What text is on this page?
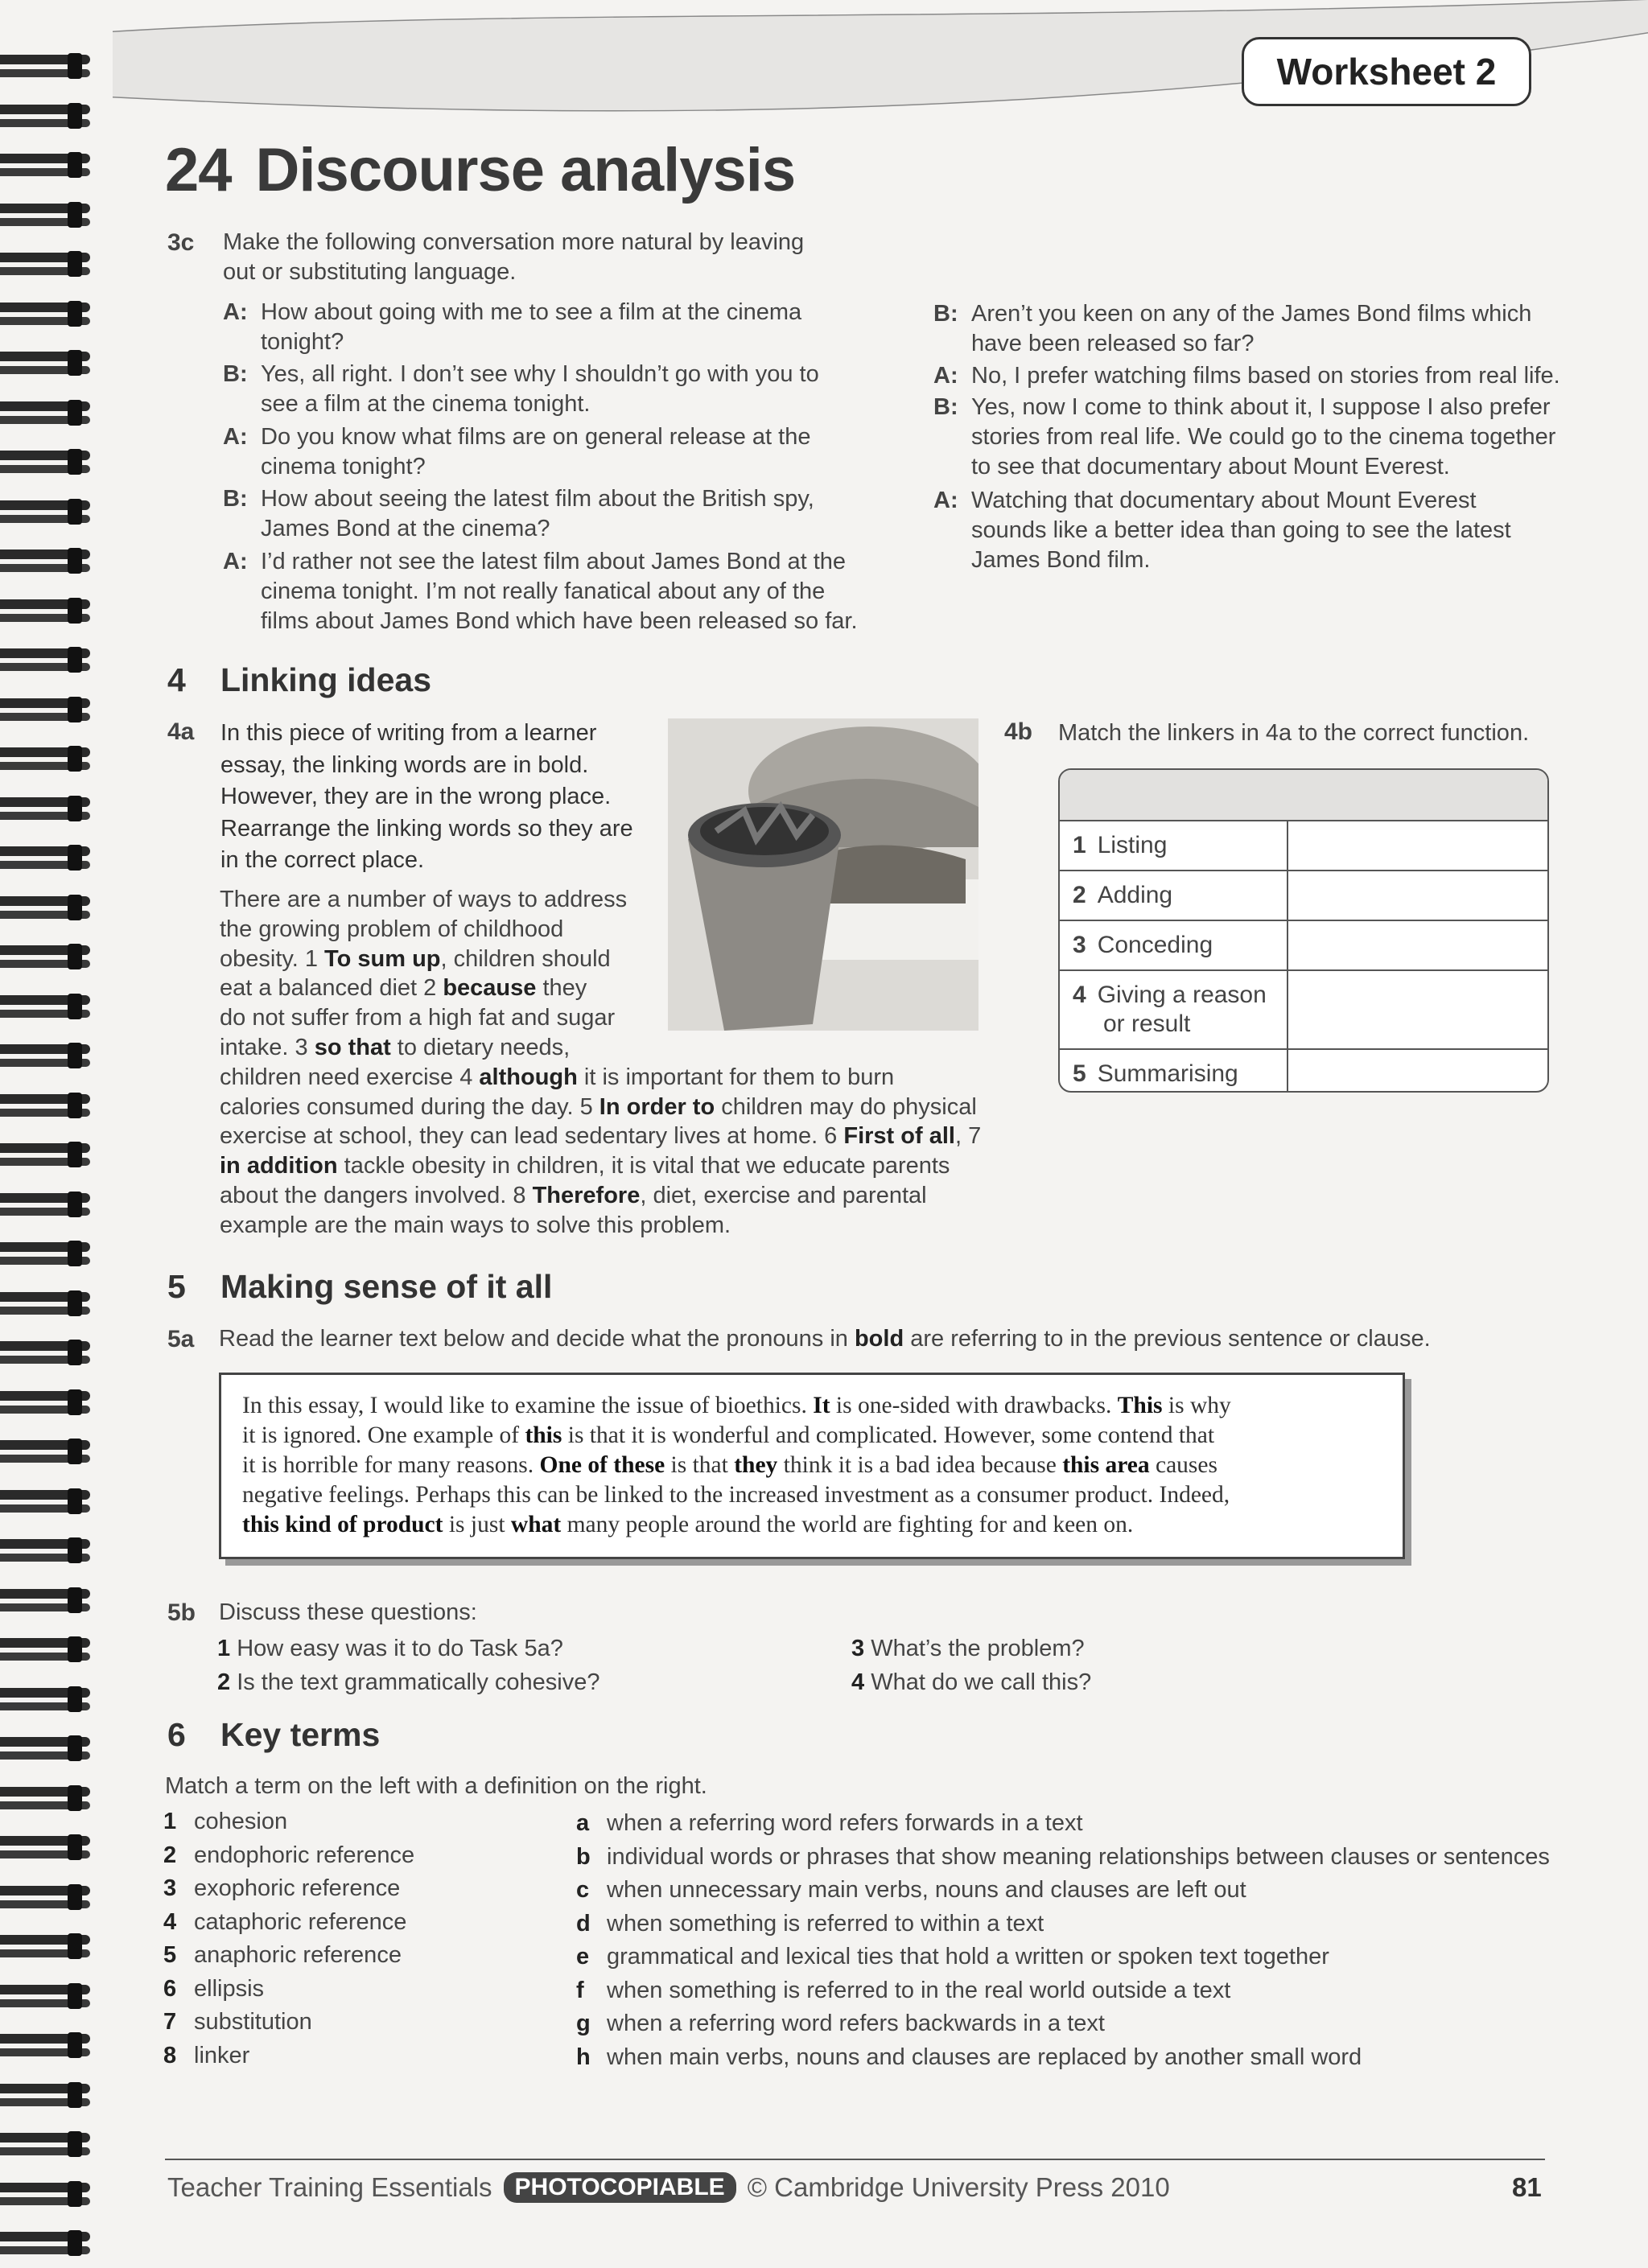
Worksheet 2
24 Discourse analysis
3c Make the following conversation more natural by leaving
out or substituting language.
A: How about going with me to see a film at the cinema
tonight?
B: Yes, all right. I don’t see why I shouldn’t go with you to
see a film at the cinema tonight.
A: Do you know what films are on general release at the
cinema tonight?
B: How about seeing the latest film about the British spy,
James Bond at the cinema?
A: I’d rather not see the latest film about James Bond at the
cinema tonight. I’m not really fanatical about any of the
films about James Bond which have been released so far.
B: Aren’t you keen on any of the James Bond films which
have been released so far?
A: No, I prefer watching films based on stories from real life.
B: Yes, now I come to think about it, I suppose I also prefer
stories from real life. We could go to the cinema together
to see that documentary about Mount Everest.
A: Watching that documentary about Mount Everest
sounds like a better idea than going to see the latest
James Bond film.
4 Linking ideas
4a In this piece of writing from a learner
essay, the linking words are in bold.
However, they are in the wrong place.
Rearrange the linking words so they are
in the correct place.
There are a number of ways to address
the growing problem of childhood
obesity. 1 To sum up, children should
eat a balanced diet 2 because they
do not suffer from a high fat and sugar
intake. 3 so that to dietary needs,
children need exercise 4 although it is important for them to burn
calories consumed during the day. 5 In order to children may do physical
exercise at school, they can lead sedentary lives at home. 6 First of all, 7
in addition tackle obesity in children, it is vital that we educate parents
about the dangers involved. 8 Therefore, diet, exercise and parental
example are the main ways to solve this problem.
4b Match the linkers in 4a to the correct function.
1 Listing
2 Adding
3 Conceding
4 Giving a reason
or result
5 Summarising
5 Making sense of it all
5a Read the learner text below and decide what the pronouns in bold are referring to in the previous sentence or clause.
In this essay, I would like to examine the issue of bioethics. It is one-sided with drawbacks. This is why
it is ignored. One example of this is that it is wonderful and complicated. However, some contend that
it is horrible for many reasons. One of these is that they think it is a bad idea because this area causes
negative feelings. Perhaps this can be linked to the increased investment as a consumer product. Indeed,
this kind of product is just what many people around the world are fighting for and keen on.
5b Discuss these questions:
1 How easy was it to do Task 5a?
2 Is the text grammatically cohesive?
3 What’s the problem?
4 What do we call this?
6 Key terms
Match a term on the left with a definition on the right.
1 cohesion
2 endophoric reference
3 exophoric reference
4 cataphoric reference
5 anaphoric reference
6 ellipsis
7 substitution
8 linker
a when a referring word refers forwards in a text
b individual words or phrases that show meaning relationships between clauses or sentences
c when unnecessary main verbs, nouns and clauses are left out
d when something is referred to within a text
e grammatical and lexical ties that hold a written or spoken text together
f when something is referred to in the real world outside a text
g when a referring word refers backwards in a text
h when main verbs, nouns and clauses are replaced by another small word
Teacher Training Essentials PHOTOCOPIABLE © Cambridge University Press 2010	81
